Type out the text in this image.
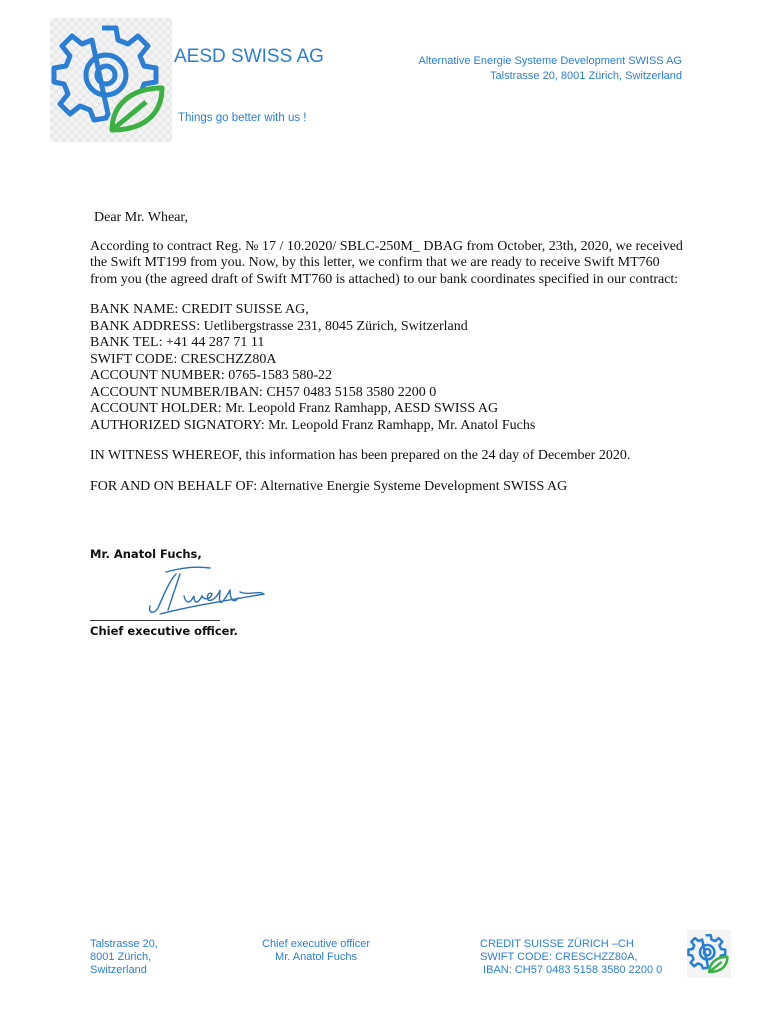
AESD SWISS AG
Things go better with us !
Alternative Energie Systeme Development SWISS AG
Talstrasse 20, 8001 Zürich, Switzerland

Dear Mr. Whear,

According to contract Reg. № 17 / 10.2020/ SBLC-250M_ DBAG from October, 23th, 2020, we received
the Swift MT199 from you. Now, by this letter, we confirm that we are ready to receive Swift MT760
from you (the agreed draft of Swift MT760 is attached) to our bank coordinates specified in our contract:

BANK NAME: CREDIT SUISSE AG,

BANK ADDRESS: Uetlibergstrasse 231, 8045 Zürich, Switzerland

BANK TEL: +41 44 287 71 11

SWIFT CODE: CRESCHZZ80A

ACCOUNT NUMBER: 0765-1583 580-22

ACCOUNT NUMBER/IBAN: CH57 0483 5158 3580 2200 0

ACCOUNT HOLDER: Mr. Leopold Franz Ramhapp, AESD SWISS AG

AUTHORIZED SIGNATORY: Mr. Leopold Franz Ramhapp, Mr. Anatol Fuchs

IN WITNESS WHEREOF, this information has been prepared on the 24 day of December 2020.

FOR AND ON BEHALF OF: Alternative Energie Systeme Development SWISS AG

Mr. Anatol Fuchs,
Chief executive officer.
Talstrasse 20,
8001 Zürich,
Switzerland
Chief executive officer
Mr. Anatol Fuchs
CREDIT SUISSE ZÜRICH –CH
SWIFT CODE: CRESCHZZ80A,
IBAN: CH57 0483 5158 3580 2200 0
